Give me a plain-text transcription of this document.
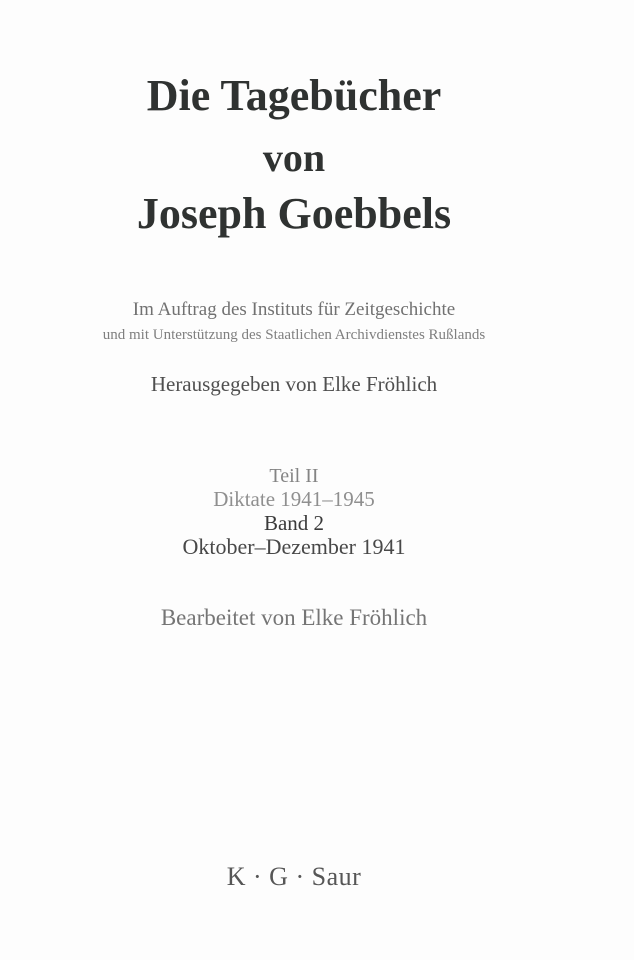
Die Tagebücher
von
Joseph Goebbels

Im Auftrag des Instituts für Zeitgeschichte

und mit Unterstützung des Staatlichen Archivdienstes Rußlands

Herausgegeben von Elke Fröhlich

Teil II

Diktate 1941–1945

Band 2

Oktober–Dezember 1941

Bearbeitet von Elke Fröhlich

K · G · Saur
